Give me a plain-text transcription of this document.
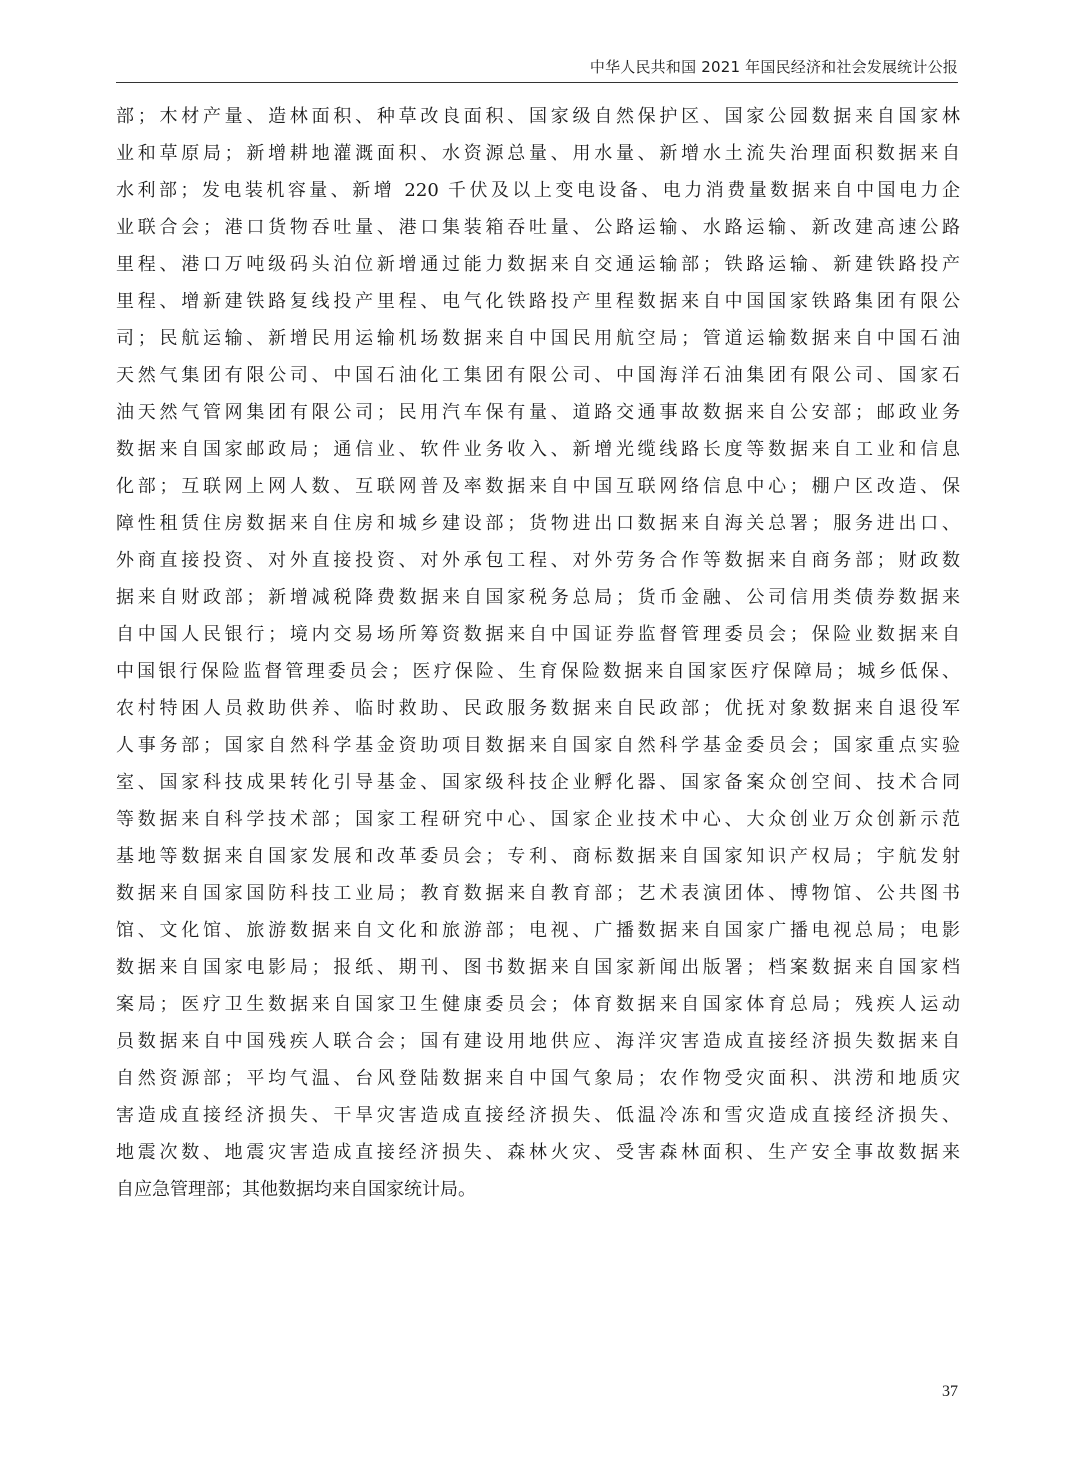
中华人民共和国 2021 年国民经济和社会发展统计公报
部；木材产量、造林面积、种草改良面积、国家级自然保护区、国家公园数据来自国家林
业和草原局；新增耕地灌溉面积、水资源总量、用水量、新增水土流失治理面积数据来自
水利部；发电装机容量、新增 220 千伏及以上变电设备、电力消费量数据来自中国电力企
业联合会；港口货物吞吐量、港口集装箱吞吐量、公路运输、水路运输、新改建高速公路
里程、港口万吨级码头泊位新增通过能力数据来自交通运输部；铁路运输、新建铁路投产
里程、增新建铁路复线投产里程、电气化铁路投产里程数据来自中国国家铁路集团有限公
司；民航运输、新增民用运输机场数据来自中国民用航空局；管道运输数据来自中国石油
天然气集团有限公司、中国石油化工集团有限公司、中国海洋石油集团有限公司、国家石
油天然气管网集团有限公司；民用汽车保有量、道路交通事故数据来自公安部；邮政业务
数据来自国家邮政局；通信业、软件业务收入、新增光缆线路长度等数据来自工业和信息
化部；互联网上网人数、互联网普及率数据来自中国互联网络信息中心；棚户区改造、保
障性租赁住房数据来自住房和城乡建设部；货物进出口数据来自海关总署；服务进出口、
外商直接投资、对外直接投资、对外承包工程、对外劳务合作等数据来自商务部；财政数
据来自财政部；新增减税降费数据来自国家税务总局；货币金融、公司信用类债券数据来
自中国人民银行；境内交易场所筹资数据来自中国证券监督管理委员会；保险业数据来自
中国银行保险监督管理委员会；医疗保险、生育保险数据来自国家医疗保障局；城乡低保、
农村特困人员救助供养、临时救助、民政服务数据来自民政部；优抚对象数据来自退役军
人事务部；国家自然科学基金资助项目数据来自国家自然科学基金委员会；国家重点实验
室、国家科技成果转化引导基金、国家级科技企业孵化器、国家备案众创空间、技术合同
等数据来自科学技术部；国家工程研究中心、国家企业技术中心、大众创业万众创新示范
基地等数据来自国家发展和改革委员会；专利、商标数据来自国家知识产权局；宇航发射
数据来自国家国防科技工业局；教育数据来自教育部；艺术表演团体、博物馆、公共图书
馆、文化馆、旅游数据来自文化和旅游部；电视、广播数据来自国家广播电视总局；电影
数据来自国家电影局；报纸、期刊、图书数据来自国家新闻出版署；档案数据来自国家档
案局；医疗卫生数据来自国家卫生健康委员会；体育数据来自国家体育总局；残疾人运动
员数据来自中国残疾人联合会；国有建设用地供应、海洋灾害造成直接经济损失数据来自
自然资源部；平均气温、台风登陆数据来自中国气象局；农作物受灾面积、洪涝和地质灾
害造成直接经济损失、干旱灾害造成直接经济损失、低温冷冻和雪灾造成直接经济损失、
地震次数、地震灾害造成直接经济损失、森林火灾、受害森林面积、生产安全事故数据来
自应急管理部；其他数据均来自国家统计局。
37
